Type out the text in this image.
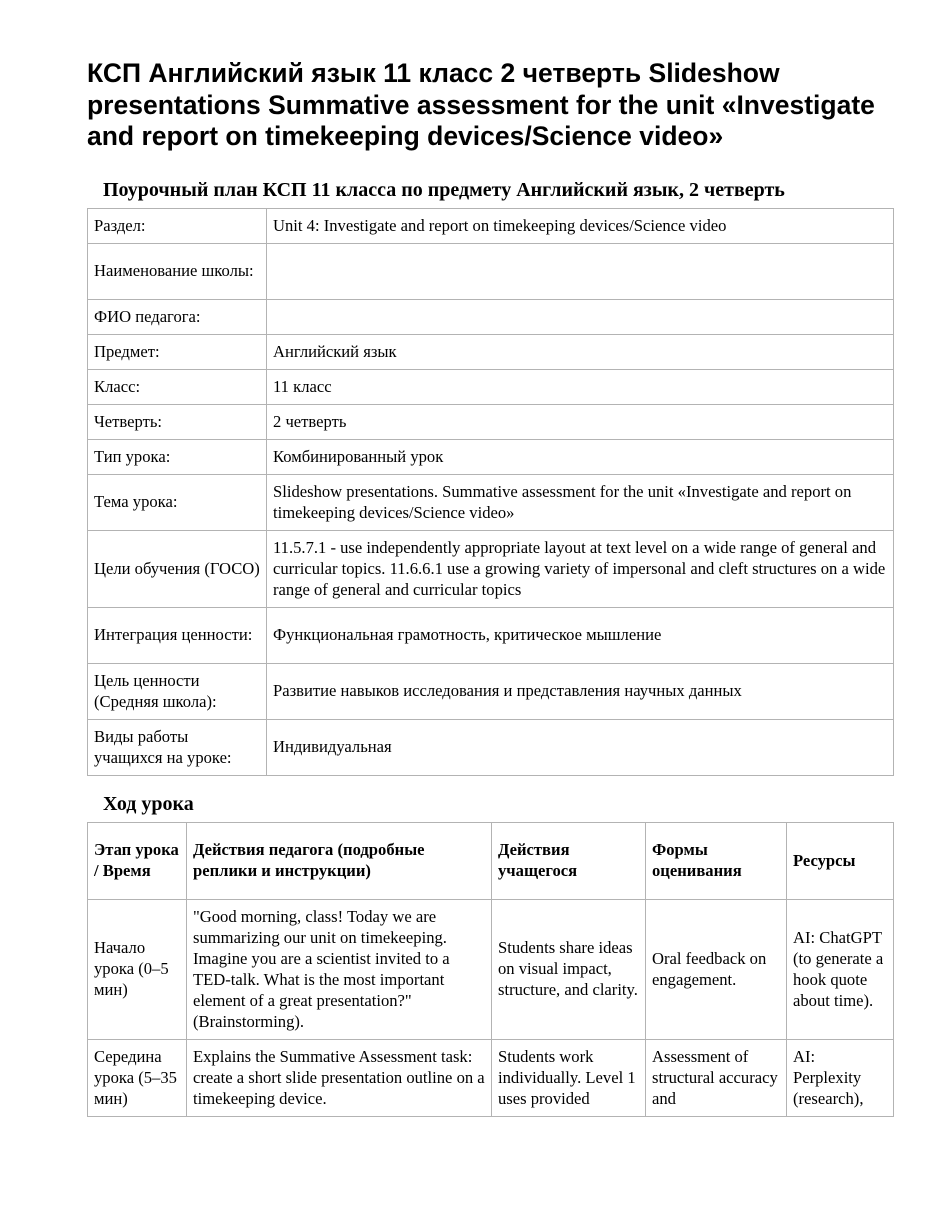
КСП Английский язык 11 класс 2 четверть Slideshow presentations Summative assessment for the unit «Investigate and report on timekeeping devices/Science video»
Поурочный план КСП 11 класса по предмету Английский язык, 2 четверть
Раздел:	Unit 4: Investigate and report on timekeeping devices/Science video
Наименование школы:	
ФИО педагога:	
Предмет:	Английский язык
Класс:	11 класс
Четверть:	2 четверть
Тип урока:	Комбинированный урок
Тема урока:	Slideshow presentations. Summative assessment for the unit «Investigate and report on timekeeping devices/Science video»
Цели обучения (ГОСО)	11.5.7.1 - use independently appropriate layout at text level on a wide range of general and curricular topics. 11.6.6.1 use a growing variety of impersonal and cleft structures on a wide range of general and curricular topics
Интеграция ценности:	Функциональная грамотность, критическое мышление
Цель ценности (Средняя школа):	Развитие навыков исследования и представления научных данных
Виды работы учащихся на уроке:	Индивидуальная
Ход урока
Этап урока / Время	Действия педагога (подробные реплики и инструкции)	Действия учащегося	Формы оценивания	Ресурсы
Начало урока (0–5 мин)	"Good morning, class! Today we are summarizing our unit on timekeeping. Imagine you are a scientist invited to a TED-talk. What is the most important element of a great presentation?" (Brainstorming).	Students share ideas on visual impact, structure, and clarity.	Oral feedback on engagement.	AI: ChatGPT (to generate a hook quote about time).
Середина урока (5–35 мин)	Explains the Summative Assessment task: create a short slide presentation outline on a timekeeping device.	Students work individually. Level 1 uses provided	Assessment of structural accuracy and	AI: Perplexity (research),
